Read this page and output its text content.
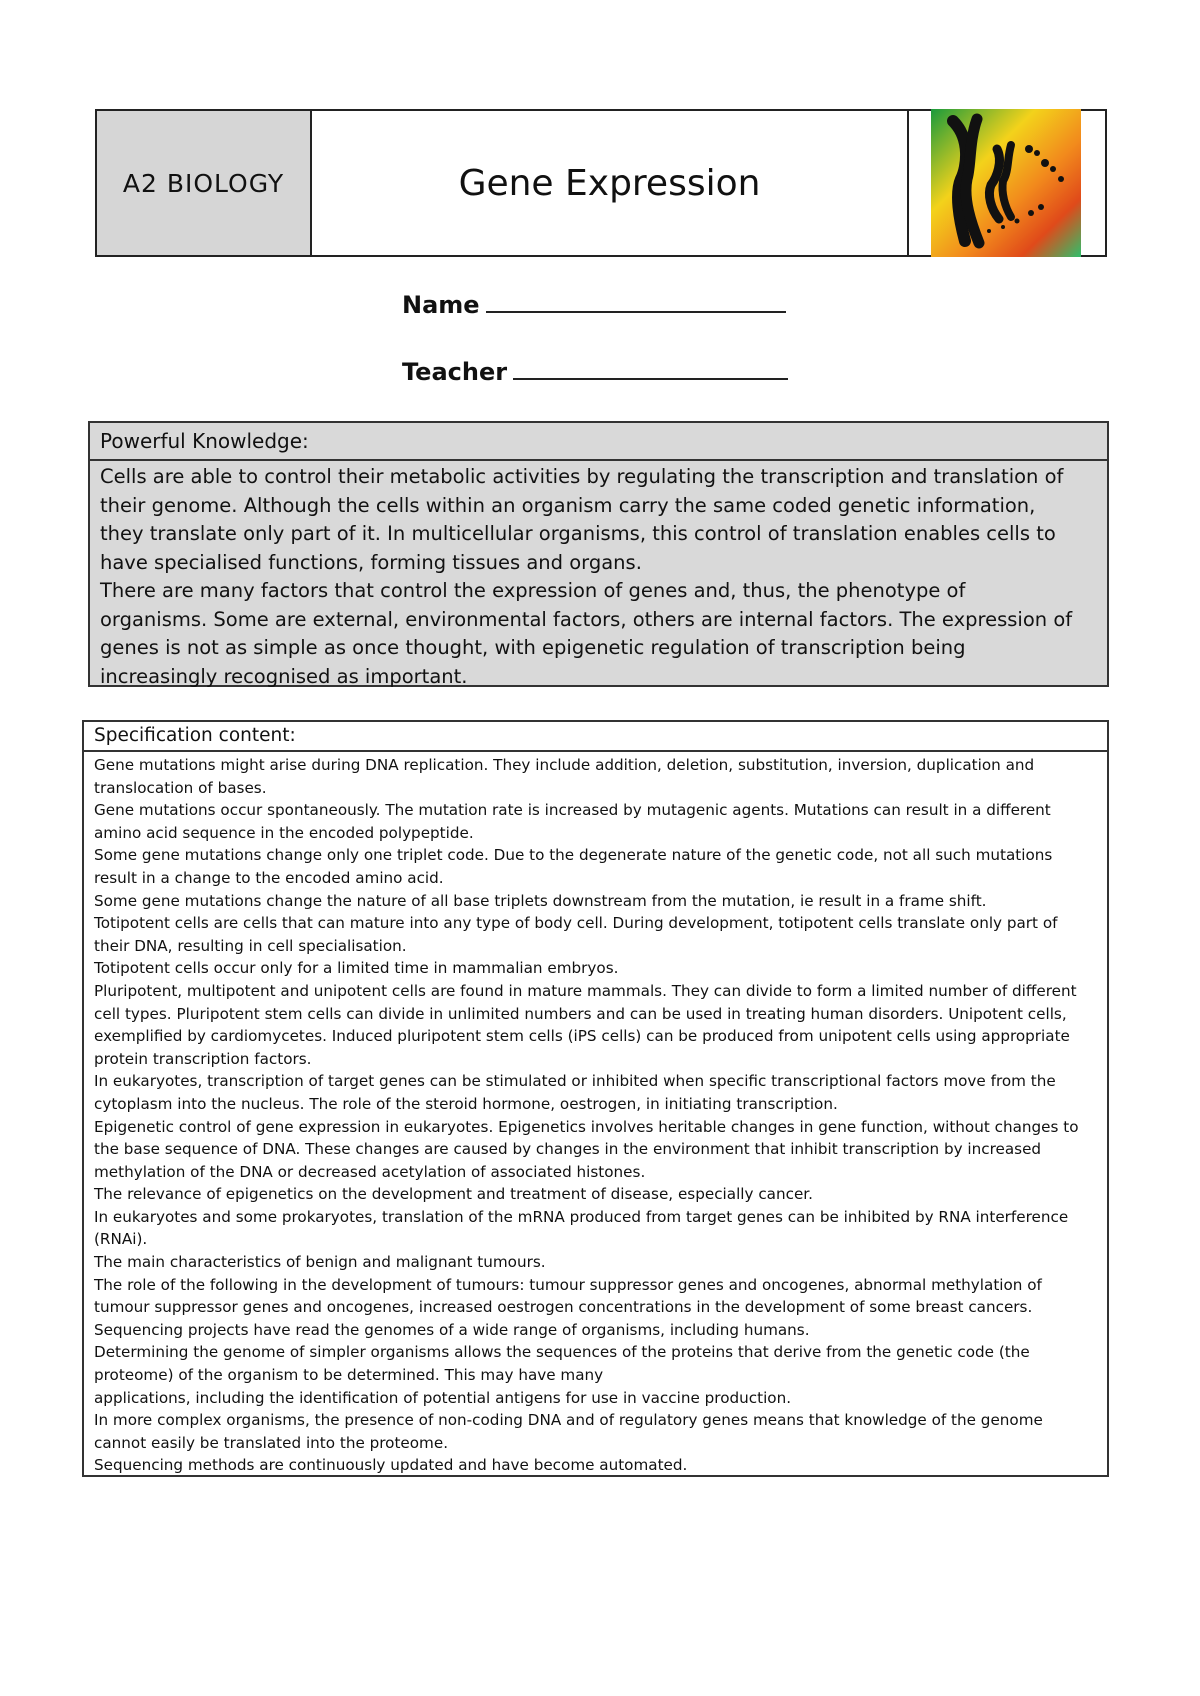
A2 BIOLOGY	Gene Expression
Name
Teacher
Powerful Knowledge:
Cells are able to control their metabolic activities by regulating the transcription and translation of their genome. Although the cells within an organism carry the same coded genetic information, they translate only part of it. In multicellular organisms, this control of translation enables cells to have specialised functions, forming tissues and organs.
There are many factors that control the expression of genes and, thus, the phenotype of organisms. Some are external, environmental factors, others are internal factors. The expression of genes is not as simple as once thought, with epigenetic regulation of transcription being increasingly recognised as important.
Specification content:

Gene mutations might arise during DNA replication. They include addition, deletion, substitution, inversion, duplication and translocation of bases.

Gene mutations occur spontaneously. The mutation rate is increased by mutagenic agents. Mutations can result in a different amino acid sequence in the encoded polypeptide.

Some gene mutations change only one triplet code. Due to the degenerate nature of the genetic code, not all such mutations result in a change to the encoded amino acid.

Some gene mutations change the nature of all base triplets downstream from the mutation, ie result in a frame shift.

Totipotent cells are cells that can mature into any type of body cell. During development, totipotent cells translate only part of their DNA, resulting in cell specialisation.

Totipotent cells occur only for a limited time in mammalian embryos.

Pluripotent, multipotent and unipotent cells are found in mature mammals. They can divide to form a limited number of different cell types. Pluripotent stem cells can divide in unlimited numbers and can be used in treating human disorders. Unipotent cells, exemplified by cardiomycetes. Induced pluripotent stem cells (iPS cells) can be produced from unipotent cells using appropriate protein transcription factors.

In eukaryotes, transcription of target genes can be stimulated or inhibited when specific transcriptional factors move from the cytoplasm into the nucleus. The role of the steroid hormone, oestrogen, in initiating transcription.

Epigenetic control of gene expression in eukaryotes. Epigenetics involves heritable changes in gene function, without changes to the base sequence of DNA. These changes are caused by changes in the environment that inhibit transcription by increased methylation of the DNA or decreased acetylation of associated histones.

The relevance of epigenetics on the development and treatment of disease, especially cancer.

In eukaryotes and some prokaryotes, translation of the mRNA produced from target genes can be inhibited by RNA interference (RNAi).

The main characteristics of benign and malignant tumours.

The role of the following in the development of tumours: tumour suppressor genes and oncogenes, abnormal methylation of tumour suppressor genes and oncogenes, increased oestrogen concentrations in the development of some breast cancers.

Sequencing projects have read the genomes of a wide range of organisms, including humans.

Determining the genome of simpler organisms allows the sequences of the proteins that derive from the genetic code (the proteome) of the organism to be determined. This may have many

applications, including the identification of potential antigens for use in vaccine production.

In more complex organisms, the presence of non-coding DNA and of regulatory genes means that knowledge of the genome cannot easily be translated into the proteome.

Sequencing methods are continuously updated and have become automated.
